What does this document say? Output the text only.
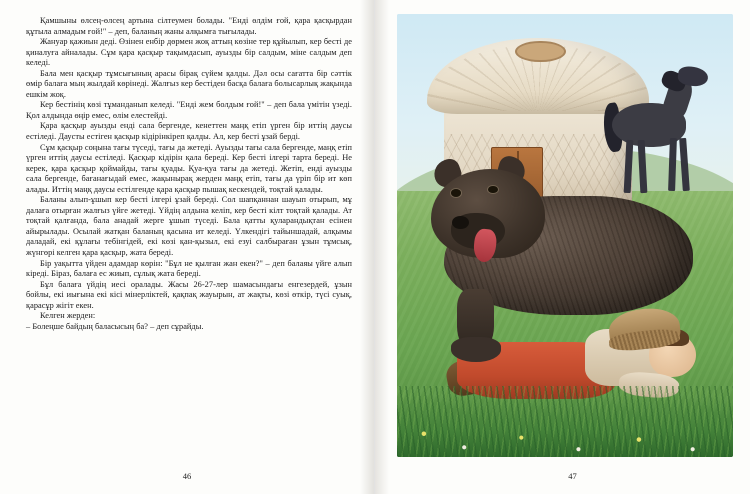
Қамшыны өлсең-өлсең артына сілтеумен болады. "Енді өлдім ғой, қара қасқырдан құтыла алмадым ғой!" – деп, баланың жаны алқымға тығылады.

Жануар қажиын деді. Өзінен енбір дөрмен жоқ аттың көзіне тер құйылып, кер бесті де қиналуға айналады. Сұм қара қасқыр тақымдасып, ауызды бір салдым, міне салдым деп келеді.

Бала мен қасқыр тұмсығының арасы бірақ сүйем қалды. Дәл осы сағатта бір сәттік өмір балаға мың жылдай көрінеді. Жалғыз кер бестіден басқа балаға болысарлық жақында ешкім жоқ.

Кер бестінің көзі тұманданып келеді. "Енді жем болдым ғой!" – деп бала үмітін үзеді. Қол алдында өңір емес, өлім елестейді.

Қара қасқыр ауызды енді сала бергенде, кенеттен маңқ етіп үрген бір иттің даусы естіледі. Даусты естіген қасқыр кідірінкіреп қалды. Ал, кер бесті ұзай берді.

Сұм қасқыр соңына тағы түседі, тағы да жетеді. Ауызды тағы сала бергенде, маңқ етіп үрген иттің даусы естіледі. Қасқыр кідірін қала береді. Кер бесті ілгері тарта береді. Не керек, қара қасқыр қоймайды, тағы қуады. Қуа-қуа тағы да жетеді. Жетіп, енді ауызды сала бергенде, бағанағыдай емес, жақынырақ жерден маңқ етіп, тағы да үріп бір ит көп алады. Иттің маңқ даусы естілгенде қара қасқыр пышақ кескендей, тоқтай қалады.

Баланы алып-ұшып кер бесті ілгері ұзай береді. Сол шапқаннан шауып отырып, мұ далаға отырған жалғыз үйге жетеді. Үйдің алдына келіп, кер бесті кілт тоқтай қалады. Ат тоқтай қалғанда, бала анадай жерге ұшып түседі. Бала қатты қуларандықтан есінен айырылады. Осылай жатқан баланың қасына ит келеді. Үлкендігі тайыншадай, алқымы даладай, екі құлағы тебінгідей, екі көзі қан-қызыл, екі езуі салбыраған ұзын тұмсық, жүнгөрі келген қара қасқыр, жата береді.

Бір уақытта үйден адамдар көрін: "Бұл не қылған жан екен?" – деп балаяы үйге алып кіреді. Біраз, балаға ес жиып, сұлық жата береді.

Бұл балаға үйдің иесі оралады. Жасы 26-27-лер шамасындағы енгезердей, ұзын бойлы, екі иығына екі кісі мінерліктей, қақпақ жауырын, ат жақты, көзі өткір, түсі суық, қарасұр жігіт екен.

Келген жерден:

– Болеңше байдың баласысың ба? – деп сұрайды.

46	47
